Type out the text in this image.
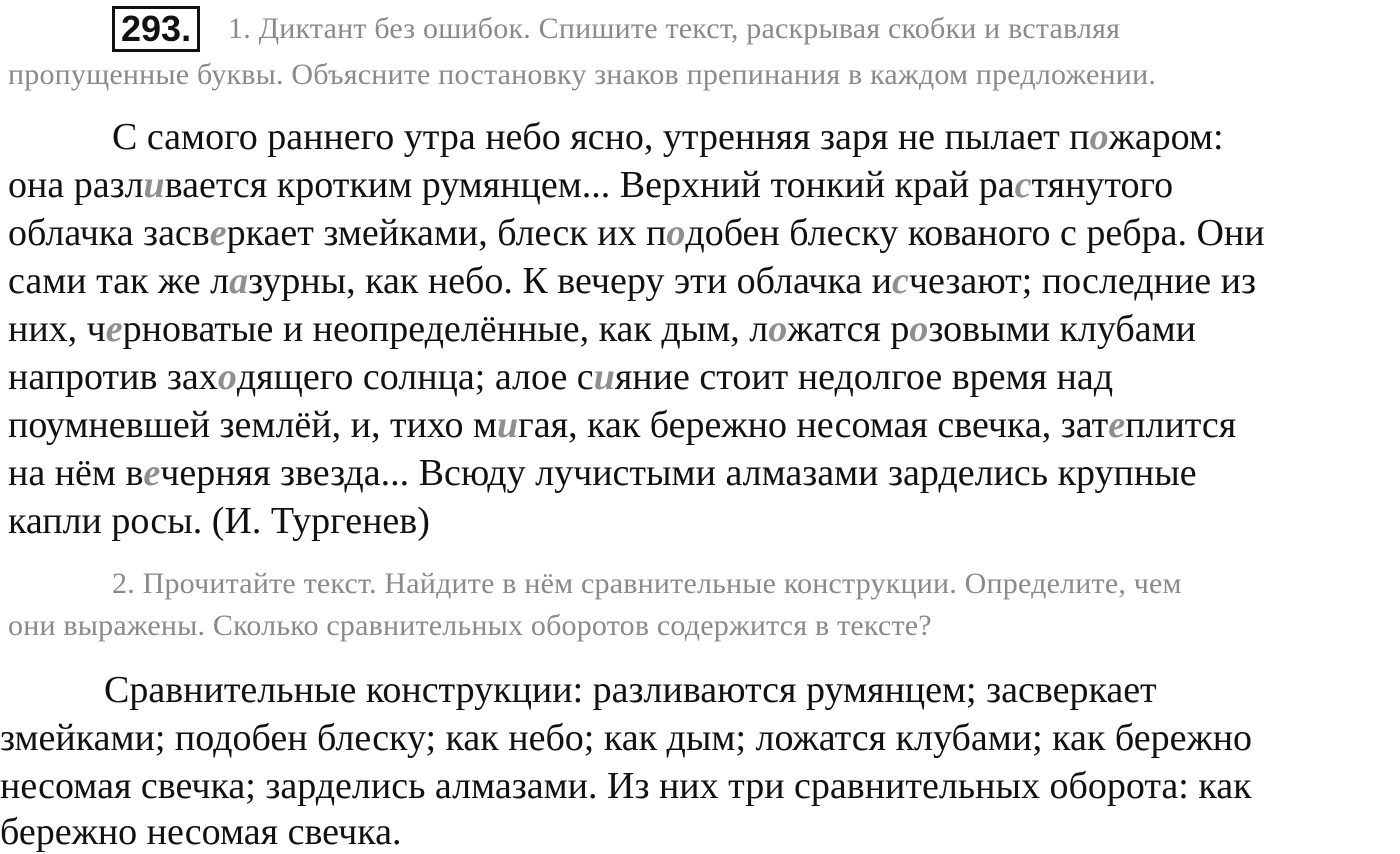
293.	1. Диктант без ошибок. Спишите текст, раскрывая скобки и вставляя
пропущенные буквы. Объясните постановку знаков препинания в каждом предложении.
С самого раннего утра небо ясно, утренняя заря не пылает пожаром:
она разливается кротким румянцем... Верхний тонкий край растянутого
облачка засверкает змейками, блеск их подобен блеску кованого с ребра. Они
сами так же лазурны, как небо. К вечеру эти облачка исчезают; последние из
них, черноватые и неопределённые, как дым, ложатся розовыми клубами
напротив заходящего солнца; алое сияние стоит недолгое время над
поумневшей землёй, и, тихо мигая, как бережно несомая свечка, затеплится
на нём вечерняя звезда... Всюду лучистыми алмазами зарделись крупные
капли росы. (И. Тургенев)
2. Прочитайте текст. Найдите в нём сравнительные конструкции. Определите, чем
они выражены. Сколько сравнительных оборотов содержится в тексте?
Сравнительные конструкции: разливаются румянцем; засверкает
змейками; подобен блеску; как небо; как дым; ложатся клубами; как бережно
несомая свечка; зарделись алмазами. Из них три сравнительных оборота: как
бережно несомая свечка.
